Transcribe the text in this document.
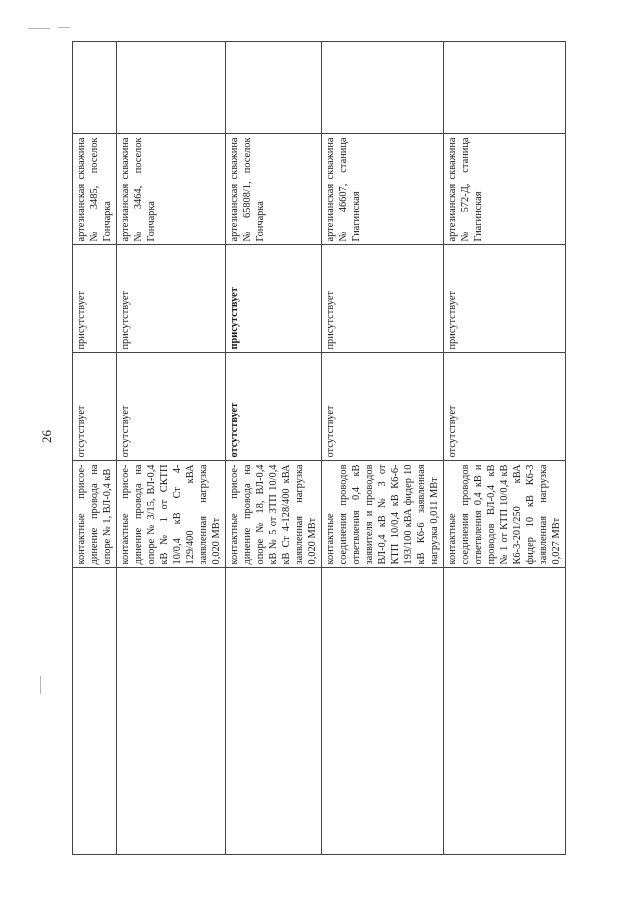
26
	артезианская скважина № 572-Д, станица Гиагинская	присутствует	отсутствует	контактные соединения проводов ответвления 0,4 кВ и проводов ВЛ-0,4 кВ № 1 от КТП 10/0,4 кВ К6-3-201/250 кВА фидер 10 кВ К6-3 заявленная нагрузка 0,027 МВт	
	артезианская скважина № 46607, станица Гиагинская	присутствует	отсутствует	контактные соединения проводов ответвления 0,4 кВ заявителя и проводов ВЛ-0,4 кВ № 3 от КТП 10/0,4 кВ К6-6-193/100 кВА фидер 10 кВ К6-6 заявленная нагрузка 0,011 МВт	
	артезианская скважина № 65808/1, поселок Гончарка	присутствует	отсутствует	контактные присое-динение провода на опоре № 18, ВЛ-0,4 кВ № 5 от ЗТП 10/0,4 кВ Ст 4-128/400 кВА заявленная нагрузка 0,020 МВт	
	артезианская скважина № 3464, поселок Гончарка	присутствует	отсутствует	контактные присое-динение провода на опоре № 3/15, ВЛ-0,4 кВ № 1 от СКТП 10/0,4 кВ Ст 4-129/400 кВА заявленная нагрузка 0,020 МВт	
	артезианская скважина № 3485, поселок Гончарка	присутствует	отсутствует	контактные присое-динение провода на опоре № 1, ВЛ-0,4 кВ	
